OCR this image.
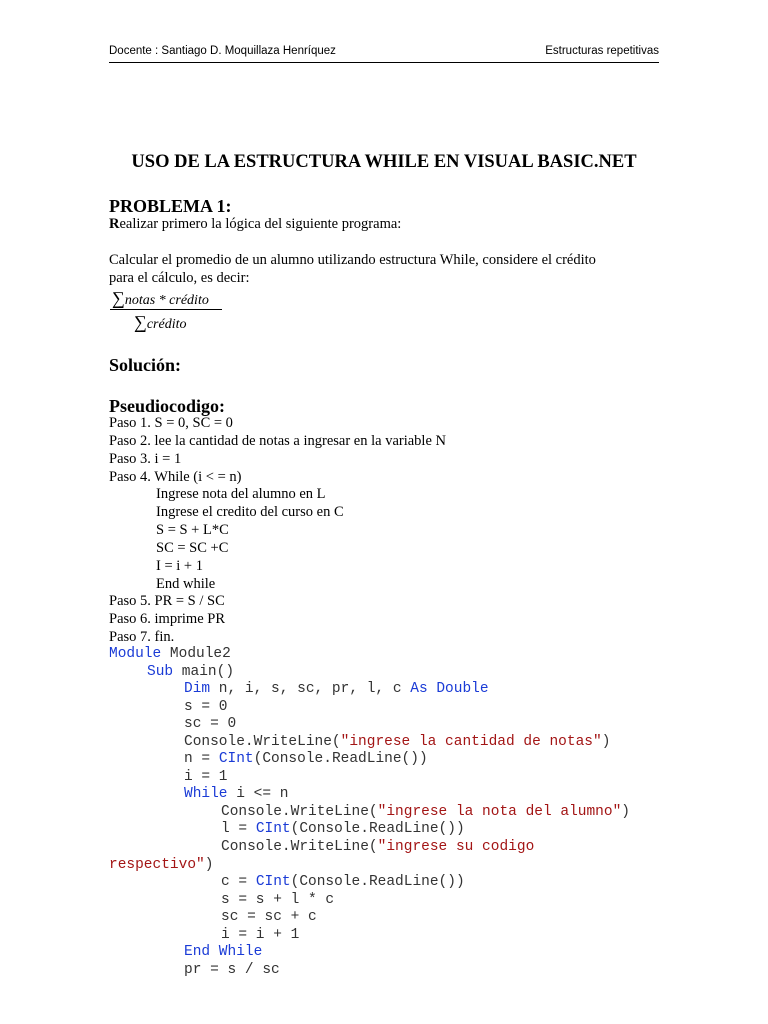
Docente : Santiago D. Moquillaza Henríquez	Estructuras repetitivas
USO DE LA ESTRUCTURA WHILE EN VISUAL BASIC.NET
PROBLEMA 1:
Realizar primero la lógica del siguiente programa:
Calcular el promedio de un alumno utilizando estructura While, considere el crédito
para el cálculo, es decir:
∑notas * crédito
∑crédito
Solución:
Pseudiocodigo:
Paso 1. S = 0, SC = 0
Paso 2. lee la cantidad de notas a ingresar en la variable N
Paso 3. i = 1
Paso 4. While (i < = n)
Ingrese nota del alumno en L
Ingrese el credito del curso en C
S = S + L*C
SC = SC +C
I = i + 1
End while
Paso 5. PR = S / SC
Paso 6. imprime PR
Paso 7. fin.
Module Module2
Sub main()
Dim n, i, s, sc, pr, l, c As Double
s = 0
sc = 0
Console.WriteLine("ingrese la cantidad de notas")
n = CInt(Console.ReadLine())
i = 1
While i <= n
Console.WriteLine("ingrese la nota del alumno")
l = CInt(Console.ReadLine())
Console.WriteLine("ingrese su codigo
respectivo")
c = CInt(Console.ReadLine())
s = s + l * c
sc = sc + c
i = i + 1
End While
pr = s / sc
